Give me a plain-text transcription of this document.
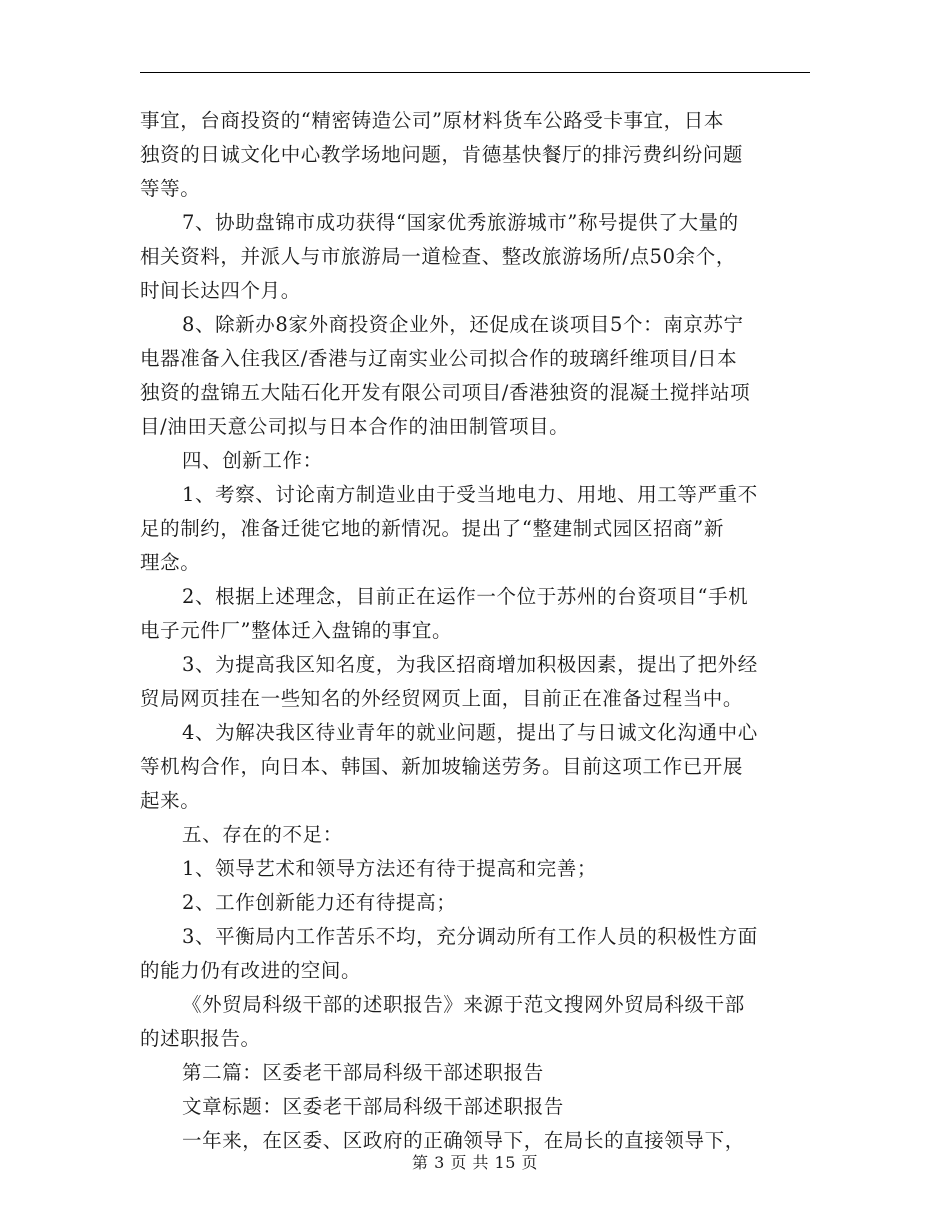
事宜，台商投资的“精密铸造公司”原材料货车公路受卡事宜，日本
独资的日诚文化中心教学场地问题，肯德基快餐厅的排污费纠纷问题
等等。
7、协助盘锦市成功获得“国家优秀旅游城市”称号提供了大量的
相关资料，并派人与市旅游局一道检查、整改旅游场所/点50余个，
时间长达四个月。
8、除新办8家外商投资企业外，还促成在谈项目5个：南京苏宁
电器准备入住我区/香港与辽南实业公司拟合作的玻璃纤维项目/日本
独资的盘锦五大陆石化开发有限公司项目/香港独资的混凝土搅拌站项
目/油田天意公司拟与日本合作的油田制管项目。
四、创新工作：
1、考察、讨论南方制造业由于受当地电力、用地、用工等严重不
足的制约，准备迁徙它地的新情况。提出了“整建制式园区招商”新
理念。
2、根据上述理念，目前正在运作一个位于苏州的台资项目“手机
电子元件厂”整体迁入盘锦的事宜。
3、为提高我区知名度，为我区招商增加积极因素，提出了把外经
贸局网页挂在一些知名的外经贸网页上面，目前正在准备过程当中。
4、为解决我区待业青年的就业问题，提出了与日诚文化沟通中心
等机构合作，向日本、韩国、新加坡输送劳务。目前这项工作已开展
起来。
五、存在的不足：
1、领导艺术和领导方法还有待于提高和完善；
2、工作创新能力还有待提高；
3、平衡局内工作苦乐不均，充分调动所有工作人员的积极性方面
的能力仍有改进的空间。
《外贸局科级干部的述职报告》来源于范文搜网外贸局科级干部
的述职报告。
第二篇：区委老干部局科级干部述职报告
文章标题：区委老干部局科级干部述职报告
一年来，在区委、区政府的正确领导下，在局长的直接领导下，
第 3 页 共 15 页
